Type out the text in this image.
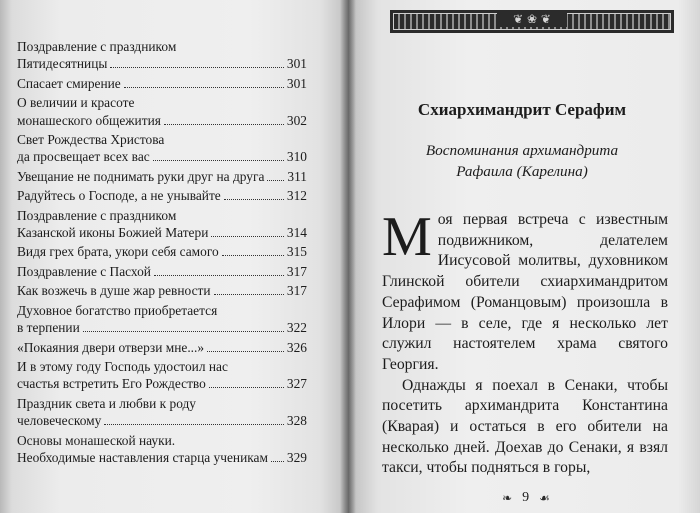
Поздравление с праздником
Пятидесятницы	301
Спасает смирение	301
О величии и красоте
монашеского общежития	302
Свет Рождества Христова
да просвещает всех вас	310
Увещание не поднимать руки друг на друга 311
Радуйтесь о Господе, а не унывайте	312
Поздравление с праздником
Казанской иконы Божией Матери	314
Видя грех брата, укори себя самого	315
Поздравление с Пасхой	317
Как возжечь в душе жар ревности	317
Духовное богатство приобретается
в терпении	322
«Покаяния двери отверзи мне...»	326
И в этому году Господь удостоил нас
счастья встретить Его Рождество	327
Праздник света и любви к роду
человеческому	328
Основы монашеской науки.
Необходимые наставления старца ученикам 329
❦ ❀ ❦
Схиархимандрит Серафим
Воспоминания архимандрита
Рафаила (Карелина)

Моя первая встреча с известным подвижником, делателем Иисусовой молитвы, духовником Глинской обители схиархимандритом Серафимом (Романцовым) произошла в Илори — в селе, где я несколько лет служил настоятелем храма святого Георгия.

Однажды я поехал в Сенаки, чтобы посетить архимандрита Константина (Кварая) и остаться в его обители на несколько дней. Доехав до Сенаки, я взял такси, чтобы подняться в горы,

❧ 9 ☙
